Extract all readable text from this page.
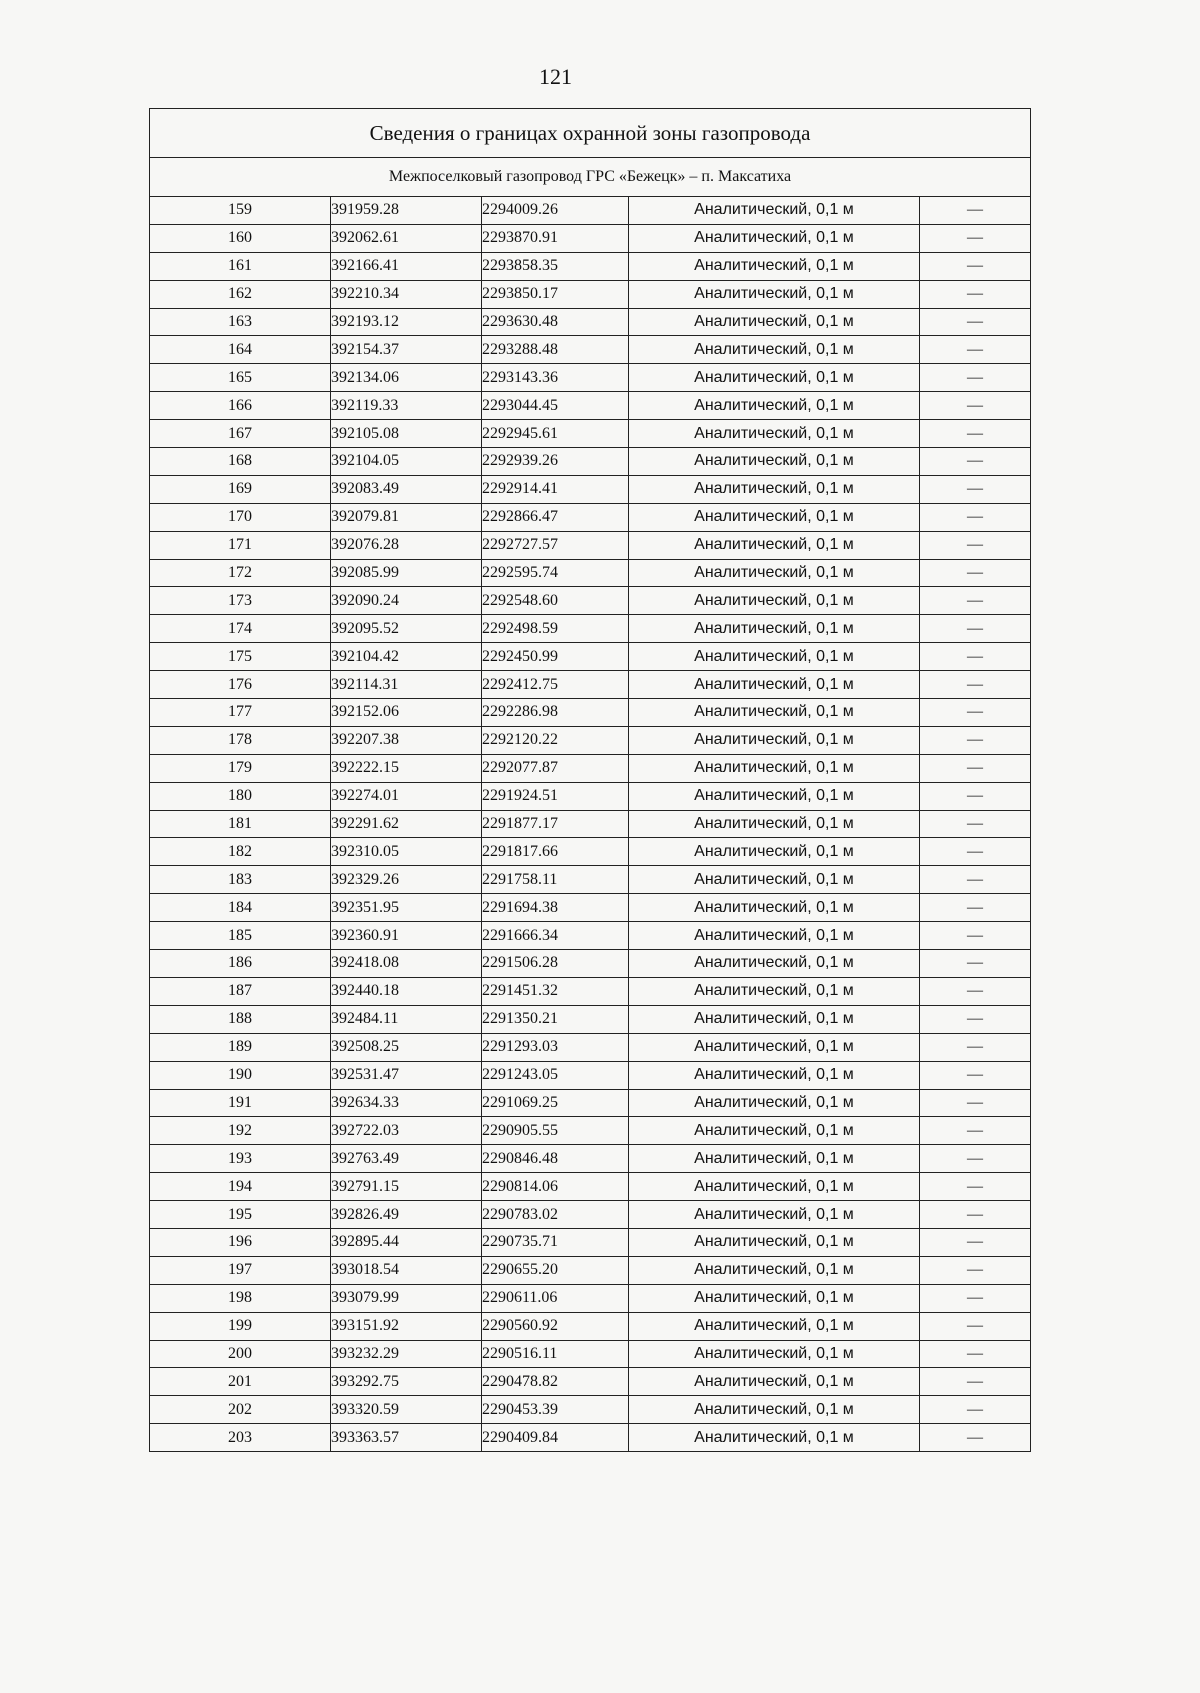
121
Сведения о границах охранной зоны газопровода				
Межпоселковый газопровод ГРС «Бежецк» – п. Максатиха				
159	391959.28	2294009.26	Аналитический, 0,1 м	—
160	392062.61	2293870.91	Аналитический, 0,1 м	—
161	392166.41	2293858.35	Аналитический, 0,1 м	—
162	392210.34	2293850.17	Аналитический, 0,1 м	—
163	392193.12	2293630.48	Аналитический, 0,1 м	—
164	392154.37	2293288.48	Аналитический, 0,1 м	—
165	392134.06	2293143.36	Аналитический, 0,1 м	—
166	392119.33	2293044.45	Аналитический, 0,1 м	—
167	392105.08	2292945.61	Аналитический, 0,1 м	—
168	392104.05	2292939.26	Аналитический, 0,1 м	—
169	392083.49	2292914.41	Аналитический, 0,1 м	—
170	392079.81	2292866.47	Аналитический, 0,1 м	—
171	392076.28	2292727.57	Аналитический, 0,1 м	—
172	392085.99	2292595.74	Аналитический, 0,1 м	—
173	392090.24	2292548.60	Аналитический, 0,1 м	—
174	392095.52	2292498.59	Аналитический, 0,1 м	—
175	392104.42	2292450.99	Аналитический, 0,1 м	—
176	392114.31	2292412.75	Аналитический, 0,1 м	—
177	392152.06	2292286.98	Аналитический, 0,1 м	—
178	392207.38	2292120.22	Аналитический, 0,1 м	—
179	392222.15	2292077.87	Аналитический, 0,1 м	—
180	392274.01	2291924.51	Аналитический, 0,1 м	—
181	392291.62	2291877.17	Аналитический, 0,1 м	—
182	392310.05	2291817.66	Аналитический, 0,1 м	—
183	392329.26	2291758.11	Аналитический, 0,1 м	—
184	392351.95	2291694.38	Аналитический, 0,1 м	—
185	392360.91	2291666.34	Аналитический, 0,1 м	—
186	392418.08	2291506.28	Аналитический, 0,1 м	—
187	392440.18	2291451.32	Аналитический, 0,1 м	—
188	392484.11	2291350.21	Аналитический, 0,1 м	—
189	392508.25	2291293.03	Аналитический, 0,1 м	—
190	392531.47	2291243.05	Аналитический, 0,1 м	—
191	392634.33	2291069.25	Аналитический, 0,1 м	—
192	392722.03	2290905.55	Аналитический, 0,1 м	—
193	392763.49	2290846.48	Аналитический, 0,1 м	—
194	392791.15	2290814.06	Аналитический, 0,1 м	—
195	392826.49	2290783.02	Аналитический, 0,1 м	—
196	392895.44	2290735.71	Аналитический, 0,1 м	—
197	393018.54	2290655.20	Аналитический, 0,1 м	—
198	393079.99	2290611.06	Аналитический, 0,1 м	—
199	393151.92	2290560.92	Аналитический, 0,1 м	—
200	393232.29	2290516.11	Аналитический, 0,1 м	—
201	393292.75	2290478.82	Аналитический, 0,1 м	—
202	393320.59	2290453.39	Аналитический, 0,1 м	—
203	393363.57	2290409.84	Аналитический, 0,1 м	—
